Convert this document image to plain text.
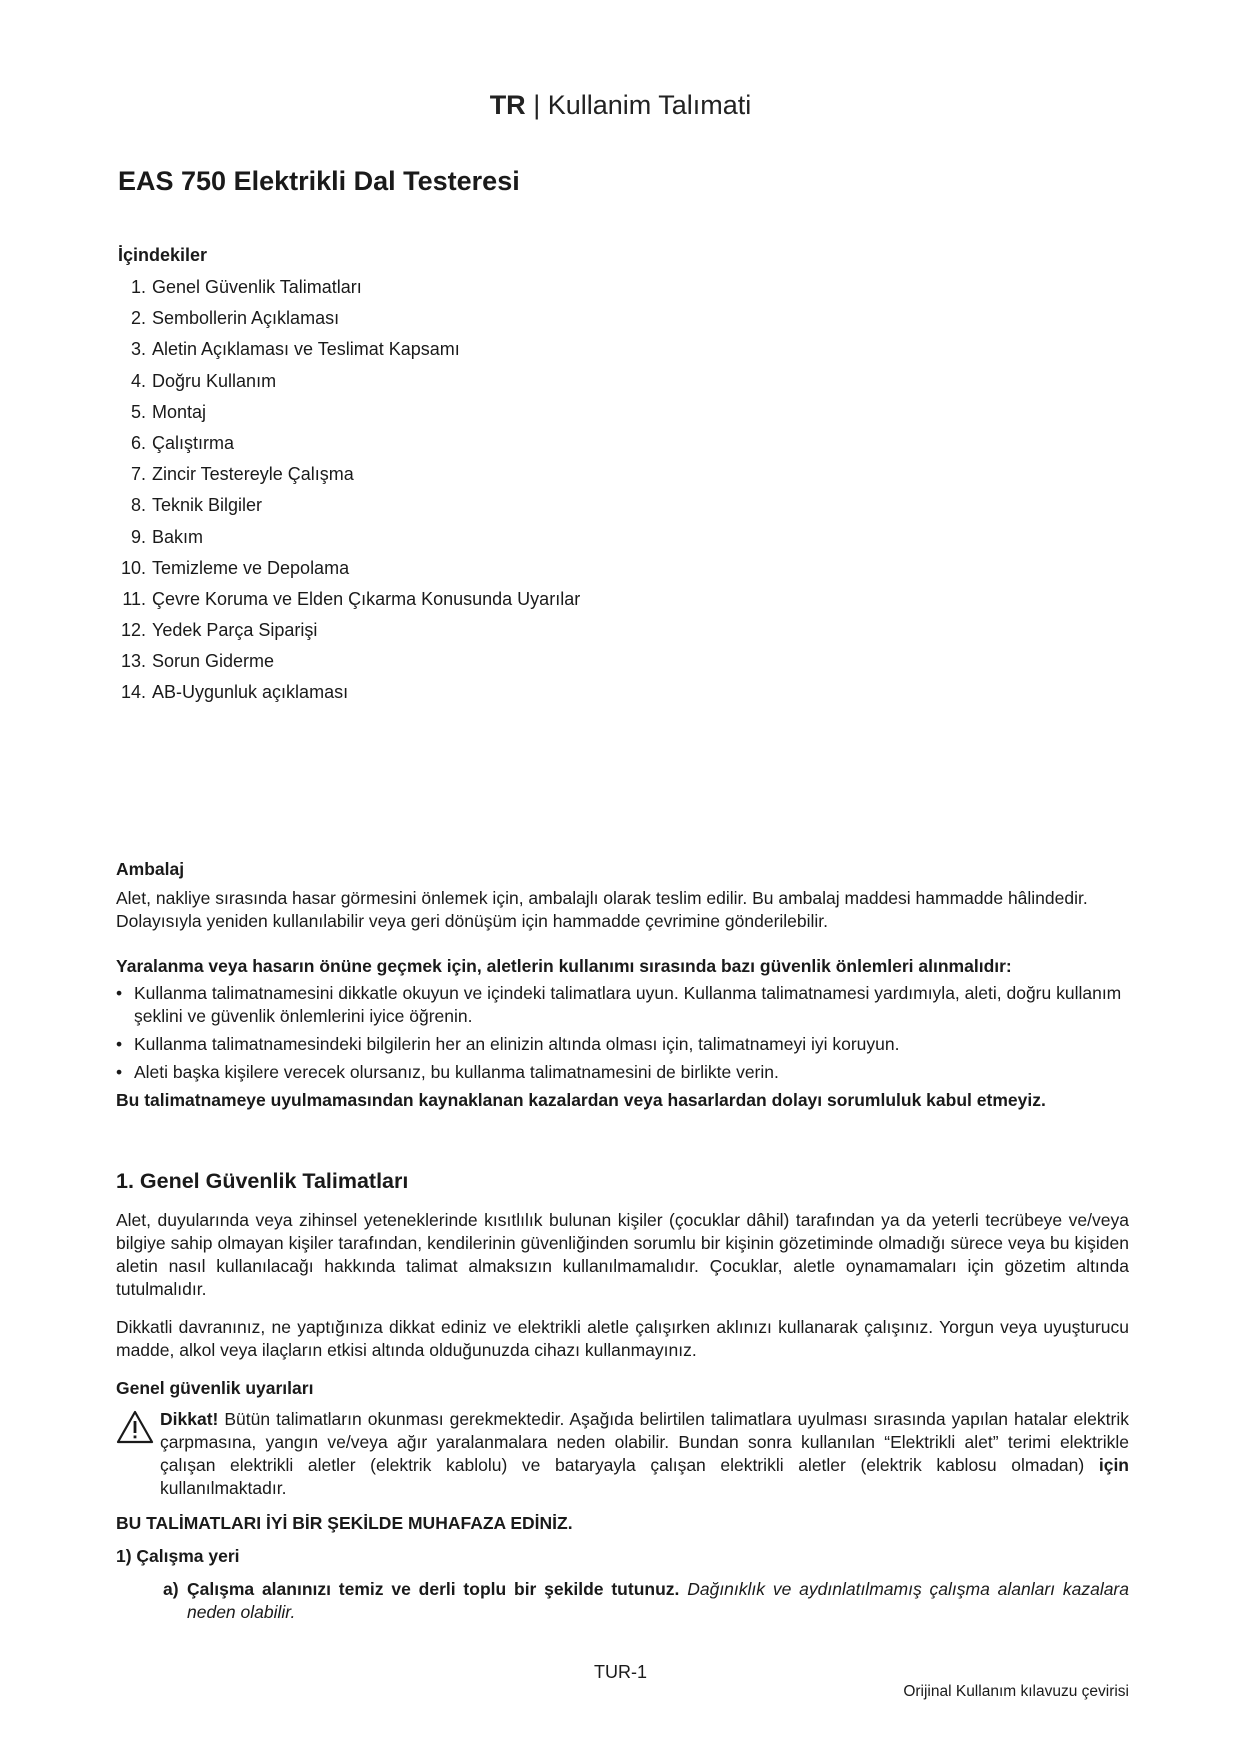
TR | Kullanim Talımati
EAS 750 Elektrikli Dal Testeresi
İçindekiler
1. Genel Güvenlik Talimatları
2. Sembollerin Açıklaması
3. Aletin Açıklaması ve Teslimat Kapsamı
4. Doğru Kullanım
5. Montaj
6. Çalıştırma
7. Zincir Testereyle Çalışma
8. Teknik Bilgiler
9. Bakım
10. Temizleme ve Depolama
11. Çevre Koruma ve Elden Çıkarma Konusunda Uyarılar
12. Yedek Parça Siparişi
13. Sorun Giderme
14. AB-Uygunluk açıklaması

Ambalaj

Alet, nakliye sırasında hasar görmesini önlemek için, ambalajlı olarak teslim edilir. Bu ambalaj maddesi hammadde hâlindedir. Dolayısıyla yeniden kullanılabilir veya geri dönüşüm için hammadde çevrimine gönderilebilir.

Yaralanma veya hasarın önüne geçmek için, aletlerin kullanımı sırasında bazı güvenlik önlemleri alınmalıdır:

• Kullanma talimatnamesini dikkatle okuyun ve içindeki talimatlara uyun. Kullanma talimatnamesi yardımıyla, aleti, doğru kullanım şeklini ve güvenlik önlemlerini iyice öğrenin.
• Kullanma talimatnamesindeki bilgilerin her an elinizin altında olması için, talimatnameyi iyi koruyun.
• Aleti başka kişilere verecek olursanız, bu kullanma talimatnamesini de birlikte verin.

Bu talimatnameye uyulmamasından kaynaklanan kazalardan veya hasarlardan dolayı sorumluluk kabul etmeyiz.

1. Genel Güvenlik Talimatları

Alet, duyularında veya zihinsel yeteneklerinde kısıtlılık bulunan kişiler (çocuklar dâhil) tarafından ya da yeterli tecrübeye ve/veya bilgiye sahip olmayan kişiler tarafından, kendilerinin güvenliğinden sorumlu bir kişinin gözetiminde olmadığı sürece veya bu kişiden aletin nasıl kullanılacağı hakkında talimat almaksızın kullanılmamalıdır. Çocuklar, aletle oynamamaları için gözetim altında tutulmalıdır.

Dikkatli davranınız, ne yaptığınıza dikkat ediniz ve elektrikli aletle çalışırken aklınızı kullanarak çalışınız. Yorgun veya uyuşturucu madde, alkol veya ilaçların etkisi altında olduğunuzda cihazı kullanmayınız.

Genel güvenlik uyarıları

Dikkat! Bütün talimatların okunması gerekmektedir. Aşağıda belirtilen talimatlara uyulması sırasında yapılan hatalar elektrik çarpmasına, yangın ve/veya ağır yaralanmalara neden olabilir. Bundan sonra kullanılan “Elektrikli alet” terimi elektrikle çalışan elektrikli aletler (elektrik kablolu) ve bataryayla çalışan elektrikli aletler (elektrik kablosu olmadan) için kullanılmaktadır.

BU TALİMATLARI İYİ BİR ŞEKİLDE MUHAFAZA EDİNİZ.

1) Çalışma yeri

a) Çalışma alanınızı temiz ve derli toplu bir şekilde tutunuz. Dağınıklık ve aydınlatılmamış çalışma alanları kazalara neden olabilir.

TUR-1
Orijinal Kullanım kılavuzu çevirisi
